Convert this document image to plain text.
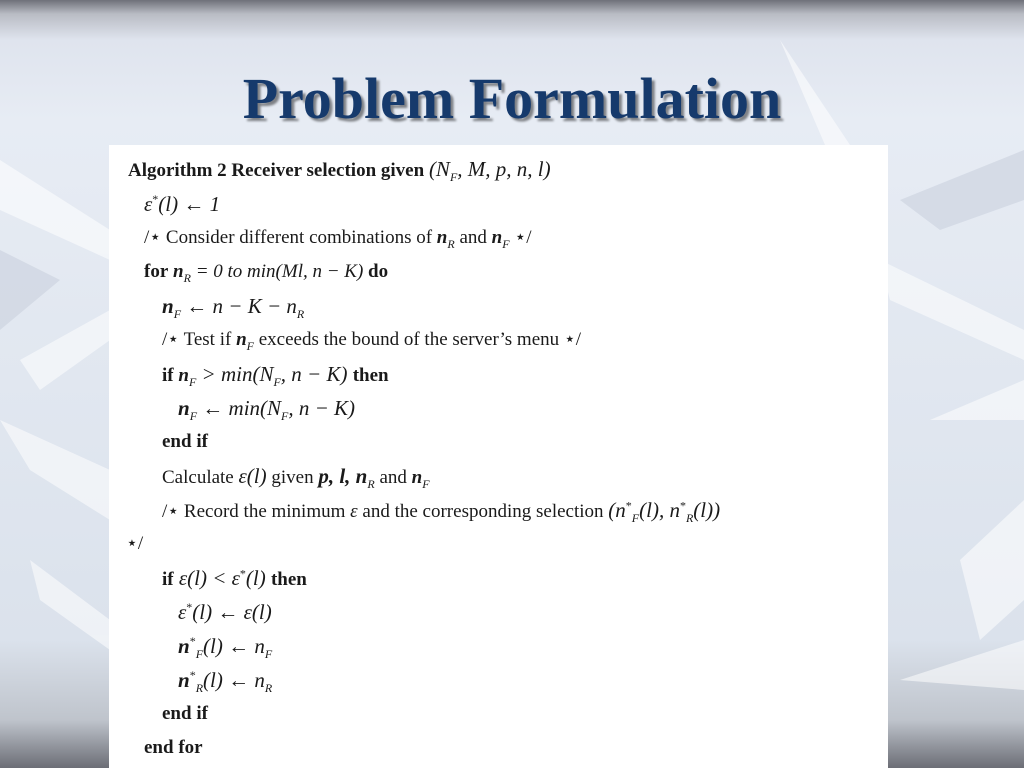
Problem Formulation
Algorithm 2 Receiver selection given ($N_F$, M, p, n, l)
ε*(l) ← 1
/⋆ Consider different combinations of $n_R$ and $n_F$ ⋆/
for $n_R = 0$ to min(Ml, n − K) do
$n_F$ ← $n - K - n_R$
/⋆ Test if $n_F$ exceeds the bound of the server’s menu ⋆/
if $n_F > \min(N_F$, n − K) then
$n_F$ ← $\min(N_F$, n − K)
end if
Calculate ε(l) given p, l, $n_R$ and $n_F$
/⋆ Record the minimum ε and the corresponding selection ($n^*_F(l)$, $n^*_R(l)$)
⋆/
if ε(l) < ε*(l) then
ε*(l) ← ε(l)
$n^*_F(l)$ ← $n_F$
$n^*_R(l)$ ← $n_R$
end if
end for
